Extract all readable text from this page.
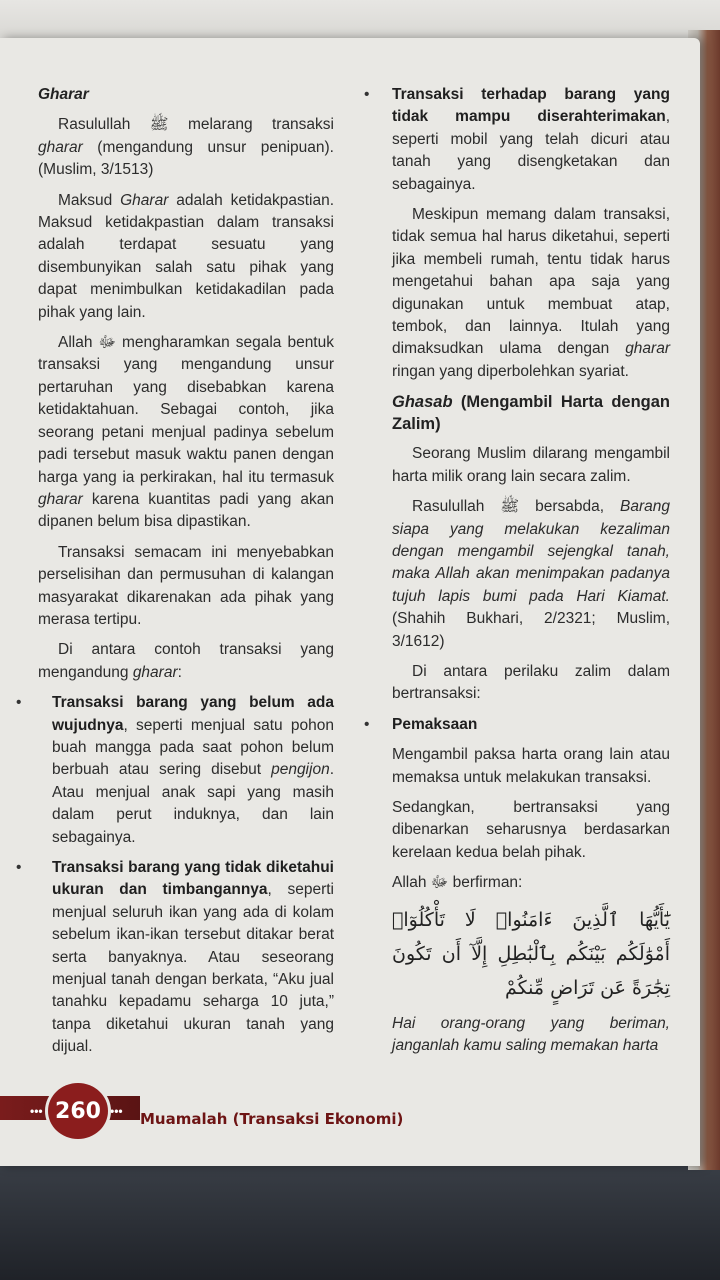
Gharar

Rasulullah ﷺ melarang transaksi gharar (mengandung unsur penipuan). (Muslim, 3/1513)

Maksud Gharar adalah ketidakpastian. Maksud ketidakpastian dalam transaksi adalah terdapat sesuatu yang disembunyikan salah satu pihak yang dapat menimbulkan ketidakadilan pada pihak yang lain.

Allah ﷻ mengharamkan segala bentuk transaksi yang mengandung unsur pertaruhan yang disebabkan karena ketidaktahuan. Sebagai contoh, jika seorang petani menjual padinya sebelum padi tersebut masuk waktu panen dengan harga yang ia perkirakan, hal itu termasuk gharar karena kuantitas padi yang akan dipanen belum bisa dipastikan.

Transaksi semacam ini menyebabkan perselisihan dan permusuhan di kalangan masyarakat dikarenakan ada pihak yang merasa tertipu.

Di antara contoh transaksi yang mengandung gharar:

• Transaksi barang yang belum ada wujudnya, seperti menjual satu pohon buah mangga pada saat pohon belum berbuah atau sering disebut pengijon. Atau menjual anak sapi yang masih dalam perut induknya, dan lain sebagainya.

• Transaksi barang yang tidak diketahui ukuran dan timbangannya, seperti menjual seluruh ikan yang ada di kolam sebelum ikan-ikan tersebut ditakar berat serta banyaknya. Atau seseorang menjual tanah dengan berkata, “Aku jual tanahku kepadamu seharga 10 juta,” tanpa diketahui ukuran tanah yang dijual.

• Transaksi terhadap barang yang tidak mampu diserahterimakan, seperti mobil yang telah dicuri atau tanah yang disengketakan dan sebagainya.

Meskipun memang dalam transaksi, tidak semua hal harus diketahui, seperti jika membeli rumah, tentu tidak harus mengetahui bahan apa saja yang digunakan untuk membuat atap, tembok, dan lainnya. Itulah yang dimaksudkan ulama dengan gharar ringan yang diperbolehkan syariat.

Ghasab (Mengambil Harta dengan Zalim)

Seorang Muslim dilarang mengambil harta milik orang lain secara zalim.

Rasulullah ﷺ bersabda, Barang siapa yang melakukan kezaliman dengan mengambil sejengkal tanah, maka Allah akan menimpakan padanya tujuh lapis bumi pada Hari Kiamat. (Shahih Bukhari, 2/2321; Muslim, 3/1612)

Di antara perilaku zalim dalam bertransaksi:

• Pemaksaan

Mengambil paksa harta orang lain atau memaksa untuk melakukan transaksi.

Sedangkan, bertransaksi yang dibenarkan seharusnya berdasarkan kerelaan kedua belah pihak.

Allah ﷻ berfirman:

يَٰٓأَيُّهَا ٱلَّذِينَ ءَامَنُوا۟ لَا تَأْكُلُوٓا۟ أَمْوَٰلَكُم بَيْنَكُم بِٱلْبَٰطِلِ إِلَّآ أَن تَكُونَ تِجَٰرَةً عَن تَرَاضٍ مِّنكُمْ

Hai orang-orang yang beriman, janganlah kamu saling memakan harta

•••	•••
260	Muamalah (Transaksi Ekonomi)
